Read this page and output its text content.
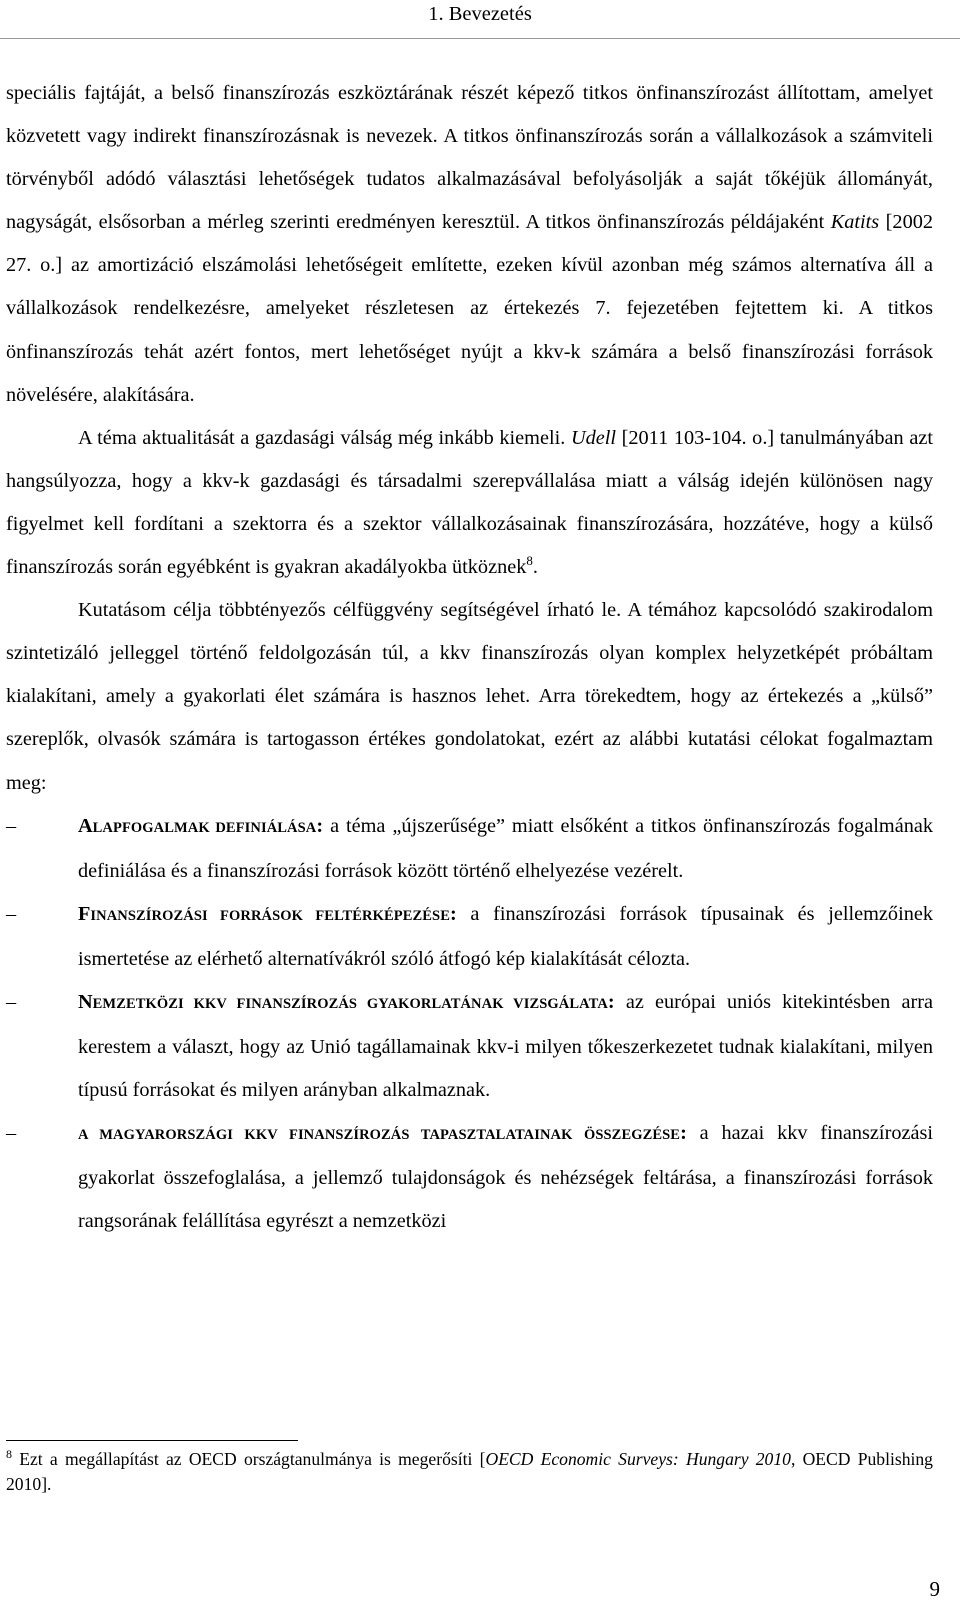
1. Bevezetés

speciális fajtáját, a belső finanszírozás eszköztárának részét képező titkos önfinanszírozást állítottam, amelyet közvetett vagy indirekt finanszírozásnak is nevezek. A titkos önfinanszírozás során a vállalkozások a számviteli törvényből adódó választási lehetőségek tudatos alkalmazásával befolyásolják a saját tőkéjük állományát, nagyságát, elsősorban a mérleg szerinti eredményen keresztül. A titkos önfinanszírozás példájaként Katits [2002 27. o.] az amortizáció elszámolási lehetőségeit említette, ezeken kívül azonban még számos alternatíva áll a vállalkozások rendelkezésre, amelyeket részletesen az értekezés 7. fejezetében fejtettem ki. A titkos önfinanszírozás tehát azért fontos, mert lehetőséget nyújt a kkv-k számára a belső finanszírozási források növelésére, alakítására.

A téma aktualitását a gazdasági válság még inkább kiemeli. Udell [2011 103-104. o.] tanulmányában azt hangsúlyozza, hogy a kkv-k gazdasági és társadalmi szerepvállalása miatt a válság idején különösen nagy figyelmet kell fordítani a szektorra és a szektor vállalkozásainak finanszírozására, hozzátéve, hogy a külső finanszírozás során egyébként is gyakran akadályokba ütköznek$^8$.

Kutatásom célja többtényezős célfüggvény segítségével írható le. A témához kapcsolódó szakirodalom szintetizáló jelleggel történő feldolgozásán túl, a kkv finanszírozás olyan komplex helyzetképét próbáltam kialakítani, amely a gyakorlati élet számára is hasznos lehet. Arra törekedtem, hogy az értekezés a „külső” szereplők, olvasók számára is tartogasson értékes gondolatokat, ezért az alábbi kutatási célokat fogalmaztam meg:

–	ALAPFOGALMAK DEFINIÁLÁSA: a téma „újszerűsége” miatt elsőként a titkos önfinanszírozás fogalmának definiálása és a finanszírozási források között történő elhelyezése vezérelt.
–	FINANSZÍROZÁSI FORRÁSOK FELTÉRKÉPEZÉSE: a finanszírozási források típusainak és jellemzőinek ismertetése az elérhető alternatívákról szóló átfogó kép kialakítását célozta.
–	NEMZETKÖZI KKV FINANSZÍROZÁS GYAKORLATÁNAK VIZSGÁLATA: az európai uniós kitekintésben arra kerestem a választ, hogy az Unió tagállamainak kkv-i milyen tőkeszerkezetet tudnak kialakítani, milyen típusú forrásokat és milyen arányban alkalmaznak.
–	A MAGYARORSZÁGI KKV FINANSZÍROZÁS TAPASZTALATAINAK ÖSSZEGZÉSE: a hazai kkv finanszírozási gyakorlat összefoglalása, a jellemző tulajdonságok és nehézségek feltárása, a finanszírozási források rangsorának felállítása egyrészt a nemzetközi
$^8$ Ezt a megállapítást az OECD országtanulmánya is megerősíti [OECD Economic Surveys: Hungary 2010, OECD Publishing 2010].
9
